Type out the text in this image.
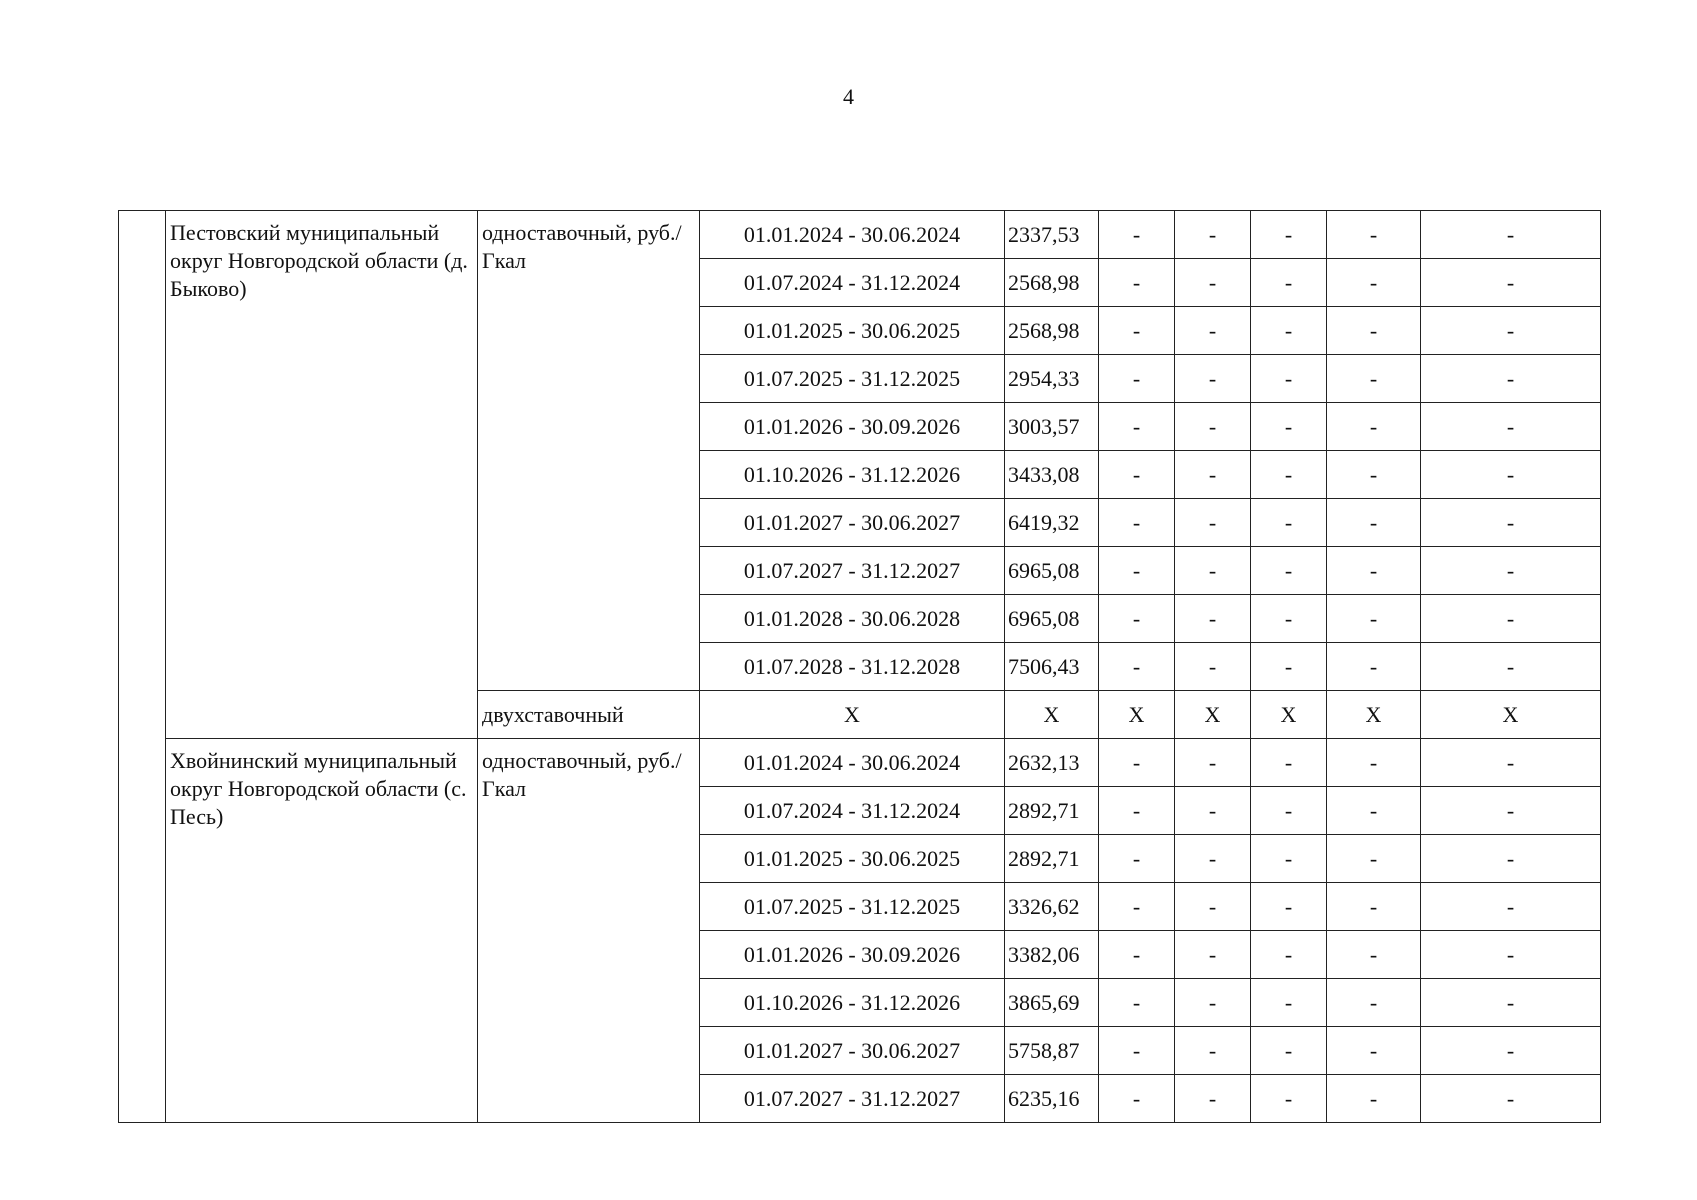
4
	Пестовский муниципальный округ Новгородской области (д. Быково)	одноставочный, руб./Гкал	01.01.2024 - 30.06.2024	2337,53	-	-	-	-	-
			01.07.2024 - 31.12.2024	2568,98	-	-	-	-	-
			01.01.2025 - 30.06.2025	2568,98	-	-	-	-	-
			01.07.2025 - 31.12.2025	2954,33	-	-	-	-	-
			01.01.2026 - 30.09.2026	3003,57	-	-	-	-	-
			01.10.2026 - 31.12.2026	3433,08	-	-	-	-	-
			01.01.2027 - 30.06.2027	6419,32	-	-	-	-	-
			01.07.2027 - 31.12.2027	6965,08	-	-	-	-	-
			01.01.2028 - 30.06.2028	6965,08	-	-	-	-	-
			01.07.2028 - 31.12.2028	7506,43	-	-	-	-	-
		двухставочный	Х	Х	Х	Х	Х	Х	Х
	Хвойнинский муниципальный округ Новгородской области (с. Песь)	одноставочный, руб./Гкал	01.01.2024 - 30.06.2024	2632,13	-	-	-	-	-
			01.07.2024 - 31.12.2024	2892,71	-	-	-	-	-
			01.01.2025 - 30.06.2025	2892,71	-	-	-	-	-
			01.07.2025 - 31.12.2025	3326,62	-	-	-	-	-
			01.01.2026 - 30.09.2026	3382,06	-	-	-	-	-
			01.10.2026 - 31.12.2026	3865,69	-	-	-	-	-
			01.01.2027 - 30.06.2027	5758,87	-	-	-	-	-
			01.07.2027 - 31.12.2027	6235,16	-	-	-	-	-
